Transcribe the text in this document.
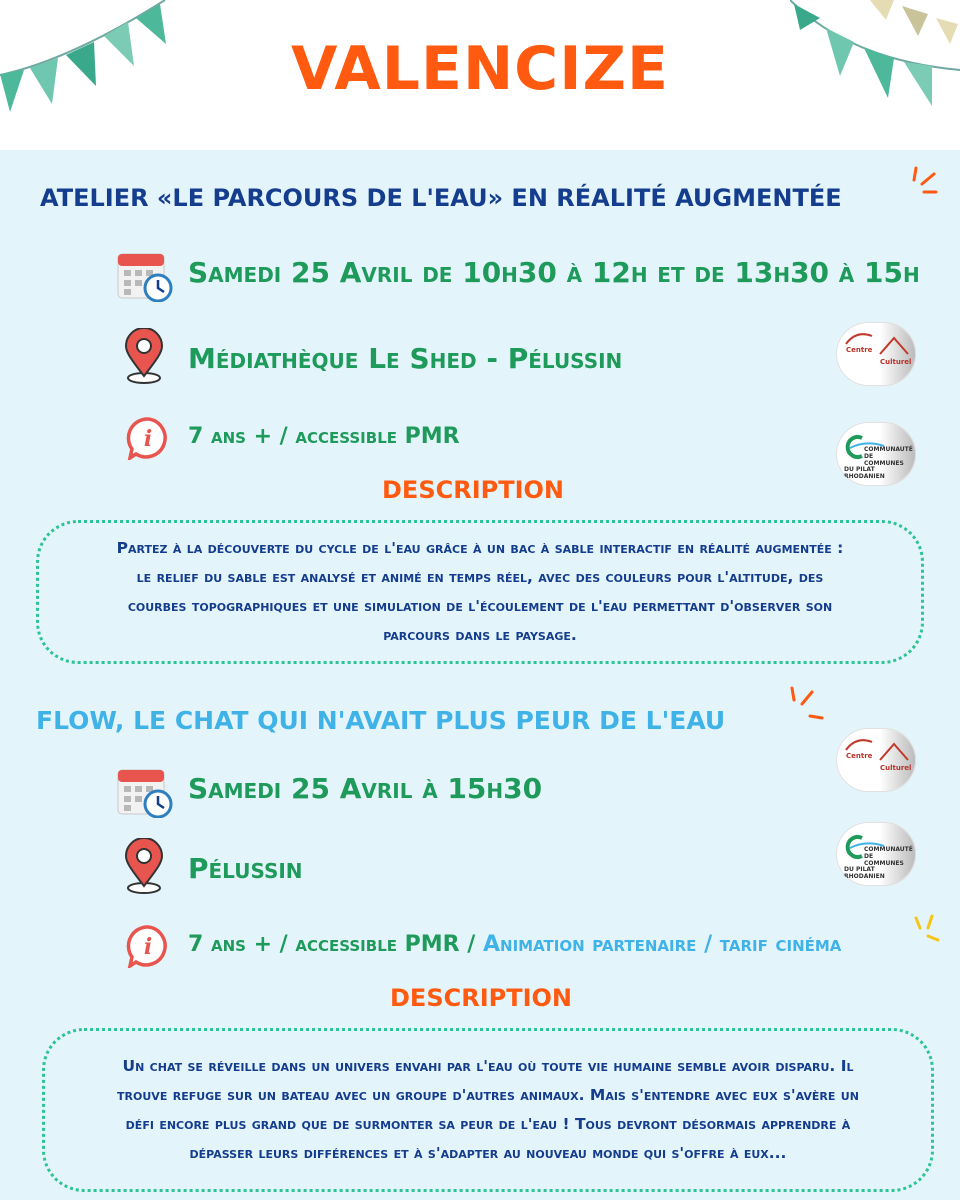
VALENCIZE
ATELIER «LE PARCOURS DE L'EAU» EN RÉALITÉ AUGMENTÉE
Samedi 25 Avril de 10h30 à 12h et de 13h30 à 15h
Médiathèque Le Shed - Pélussin
i 7 ans + / accessible PMR
Centre
Culturel
COMMUNAUTÉ DE COMMUNES
DU PILAT RHODANIEN
DESCRIPTION

Partez à la découverte du cycle de l'eau grâce à un bac à sable interactif en réalité augmentée : le relief du sable est analysé et animé en temps réel, avec des couleurs pour l'altitude, des courbes topographiques et une simulation de l'écoulement de l'eau permettant d'observer son parcours dans le paysage.

FLOW, LE CHAT QUI N'AVAIT PLUS PEUR DE L'EAU
Samedi 25 Avril à 15h30
Pélussin
i 7 ans + / accessible PMR / Animation partenaire / tarif cinéma
Centre
Culturel
COMMUNAUTÉ DE COMMUNES
DU PILAT RHODANIEN
DESCRIPTION

Un chat se réveille dans un univers envahi par l'eau où toute vie humaine semble avoir disparu. Il trouve refuge sur un bateau avec un groupe d'autres animaux. Mais s'entendre avec eux s'avère un défi encore plus grand que de surmonter sa peur de l'eau ! Tous devront désormais apprendre à dépasser leurs différences et à s'adapter au nouveau monde qui s'offre à eux...
